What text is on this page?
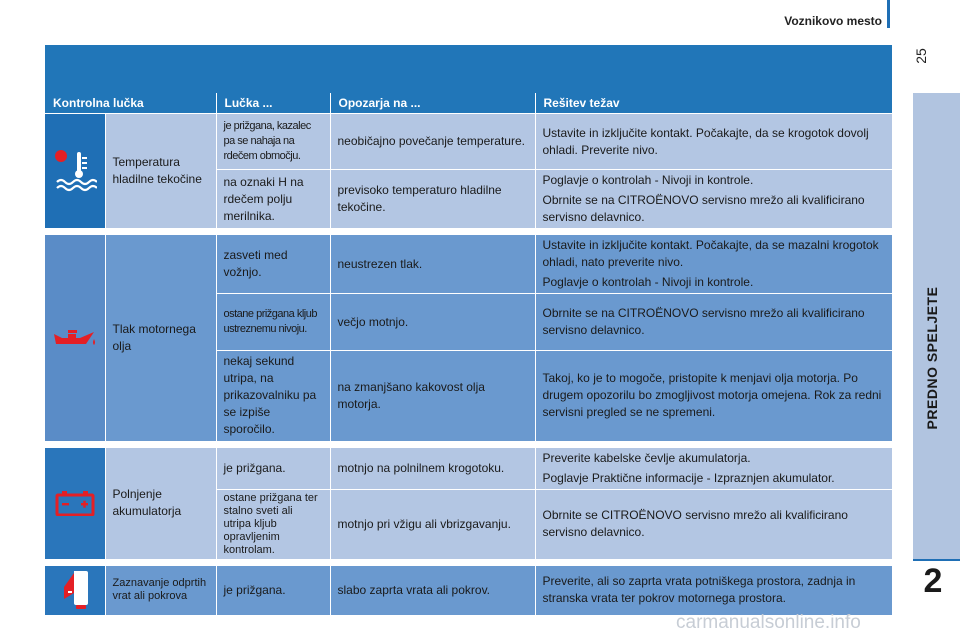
Voznikovo mesto
25
PREDNO SPELJETE
2
Kontrolna lučka		Lučka ...	Opozarja na ...	Rešitev težav
	Temperatura hladilne tekočine	je prižgana, kazalec pa se nahaja na rdečem območju.	neobičajno povečanje temperature.	Ustavite in izključite kontakt. Počakajte, da se krogotok dovolj ohladi. Preverite nivo.

		na oznaki H na rdečem polju merilnika.	previsoko temperaturo hladilne tekočine.	Poglavje o kontrolah - Nivoji in kontrole.

Obrnite se na CITROËNOVO servisno mrežo ali kvalificirano servisno delavnico.

	Tlak motornega olja	zasveti med vožnjo.	neustrezen tlak.	Ustavite in izključite kontakt. Počakajte, da se mazalni krogotok ohladi, nato preverite nivo.

Poglavje o kontrolah - Nivoji in kontrole.

		ostane prižgana kljub ustreznemu nivoju.	večjo motnjo.	Obrnite se na CITROËNOVO servisno mrežo ali kvalificirano servisno delavnico.

		nekaj sekund utripa, na prikazovalniku pa se izpiše sporočilo.	na zmanjšano kakovost olja motorja.	Takoj, ko je to mogoče, pristopite k menjavi olja motorja. Po drugem opozorilu bo zmogljivost motorja omejena. Rok za redni servisni pregled se ne spremeni.

	Polnjenje akumulatorja	je prižgana.	motnjo na polnilnem krogotoku.	Preverite kabelske čevlje akumulatorja.

Poglavje Praktične informacije - Izpraznjen akumulator.

		ostane prižgana ter stalno sveti ali utripa kljub opravljenim kontrolam.	motnjo pri vžigu ali vbrizgavanju.	Obrnite se CITROËNOVO servisno mrežo ali kvalificirano servisno delavnico.

	Zaznavanje odprtih vrat ali pokrova	je prižgana.	slabo zaprta vrata ali pokrov.	Preverite, ali so zaprta vrata potniškega prostora, zadnja in stranska vrata ter pokrov motornega prostora.

carmanualsonline.info
